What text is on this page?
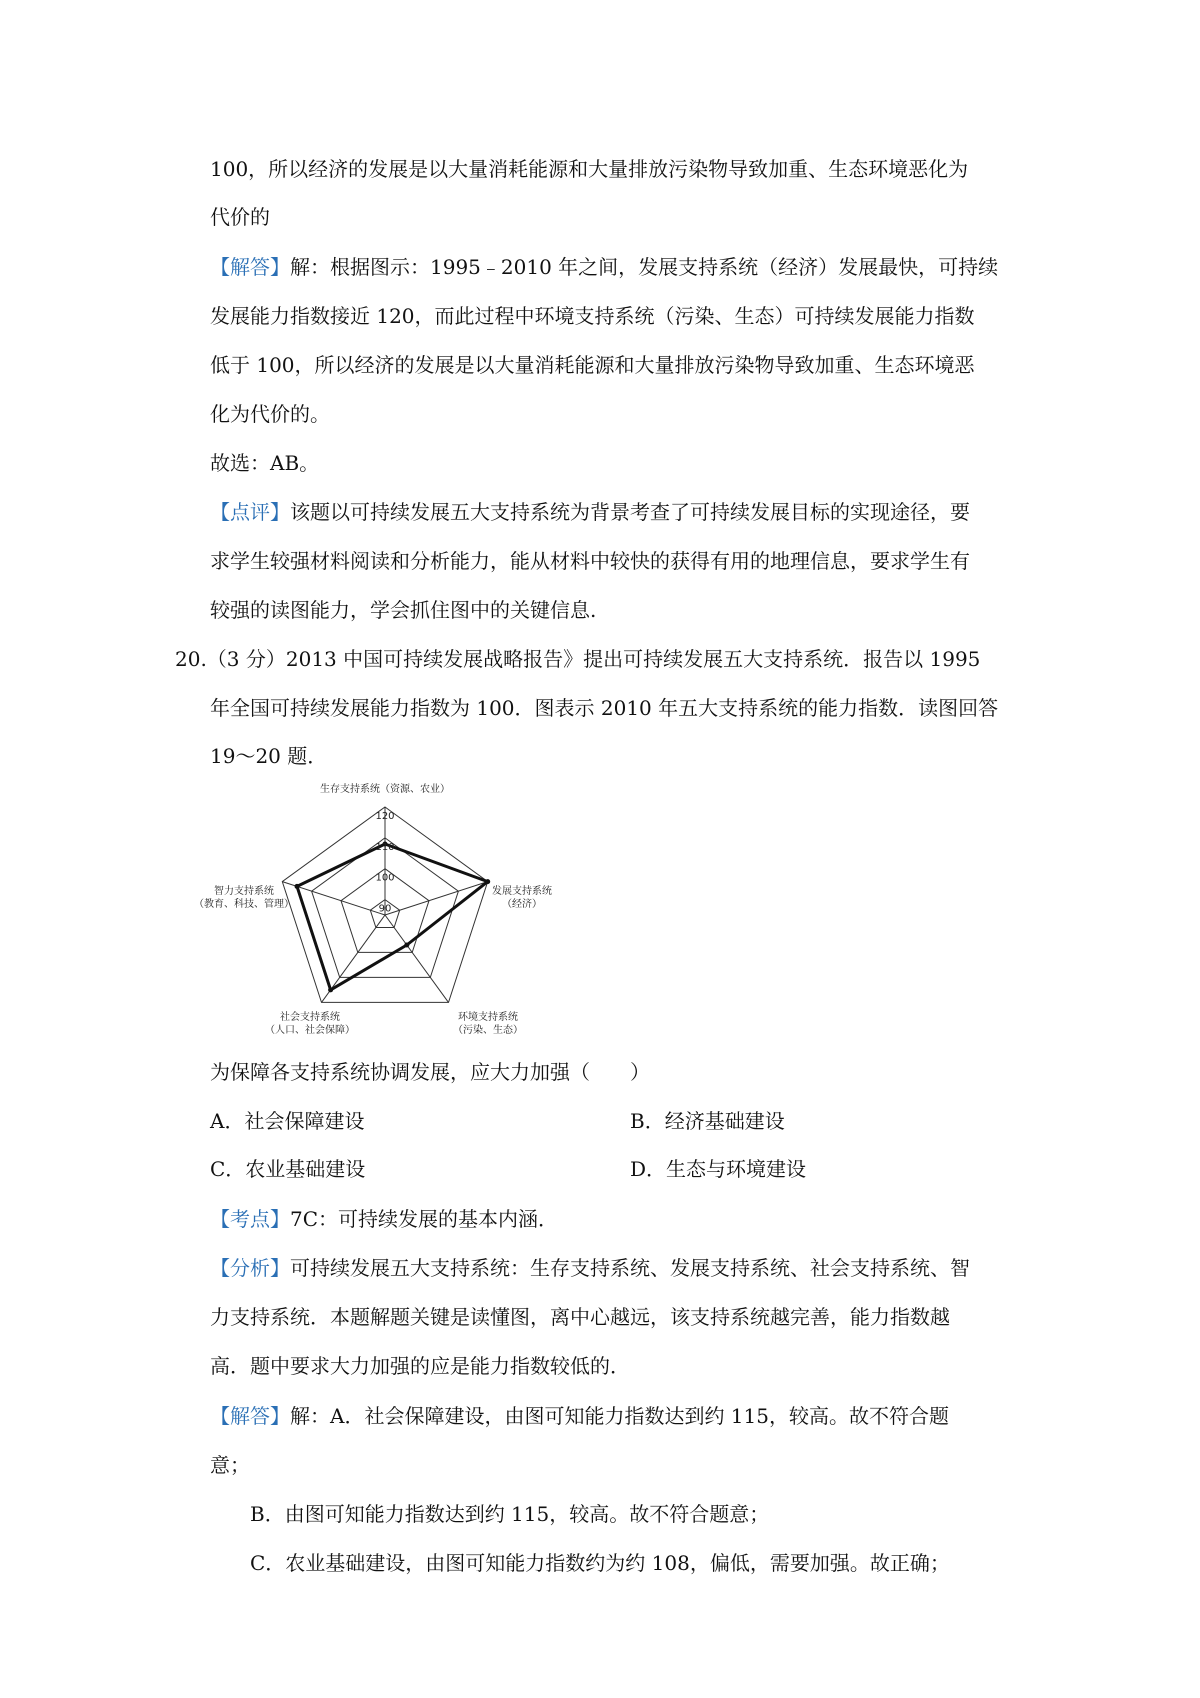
100，所以经济的发展是以大量消耗能源和大量排放污染物导致加重、生态环境恶化为
代价的
【解答】解：根据图示：1995﹣2010 年之间，发展支持系统（经济）发展最快，可持续
发展能力指数接近 120，而此过程中环境支持系统（污染、生态）可持续发展能力指数
低于 100，所以经济的发展是以大量消耗能源和大量排放污染物导致加重、生态环境恶
化为代价的。
故选：AB。
【点评】该题以可持续发展五大支持系统为背景考查了可持续发展目标的实现途径，要
求学生较强材料阅读和分析能力，能从材料中较快的获得有用的地理信息，要求学生有
较强的读图能力，学会抓住图中的关键信息.
20.（3 分）2013 中国可持续发展战略报告》提出可持续发展五大支持系统．报告以 1995
年全国可持续发展能力指数为 100．图表示 2010 年五大支持系统的能力指数．读图回答
19～20 题．
90
100
110
120
生存支持系统（资源、农业）
发展支持系统
（经济）
环境支持系统
（污染、生态）
社会支持系统
（人口、社会保障）
智力支持系统
（教育、科技、管理）
为保障各支持系统协调发展，应大力加强（　　）
A．社会保障建设	B．经济基础建设
C．农业基础建设	D．生态与环境建设
【考点】7C：可持续发展的基本内涵．
【分析】可持续发展五大支持系统：生存支持系统、发展支持系统、社会支持系统、智
力支持系统．本题解题关键是读懂图，离中心越远，该支持系统越完善，能力指数越
高．题中要求大力加强的应是能力指数较低的．
【解答】解：A．社会保障建设，由图可知能力指数达到约 115，较高。故不符合题
意；
B．由图可知能力指数达到约 115，较高。故不符合题意；
C．农业基础建设，由图可知能力指数约为约 108，偏低，需要加强。故正确；
